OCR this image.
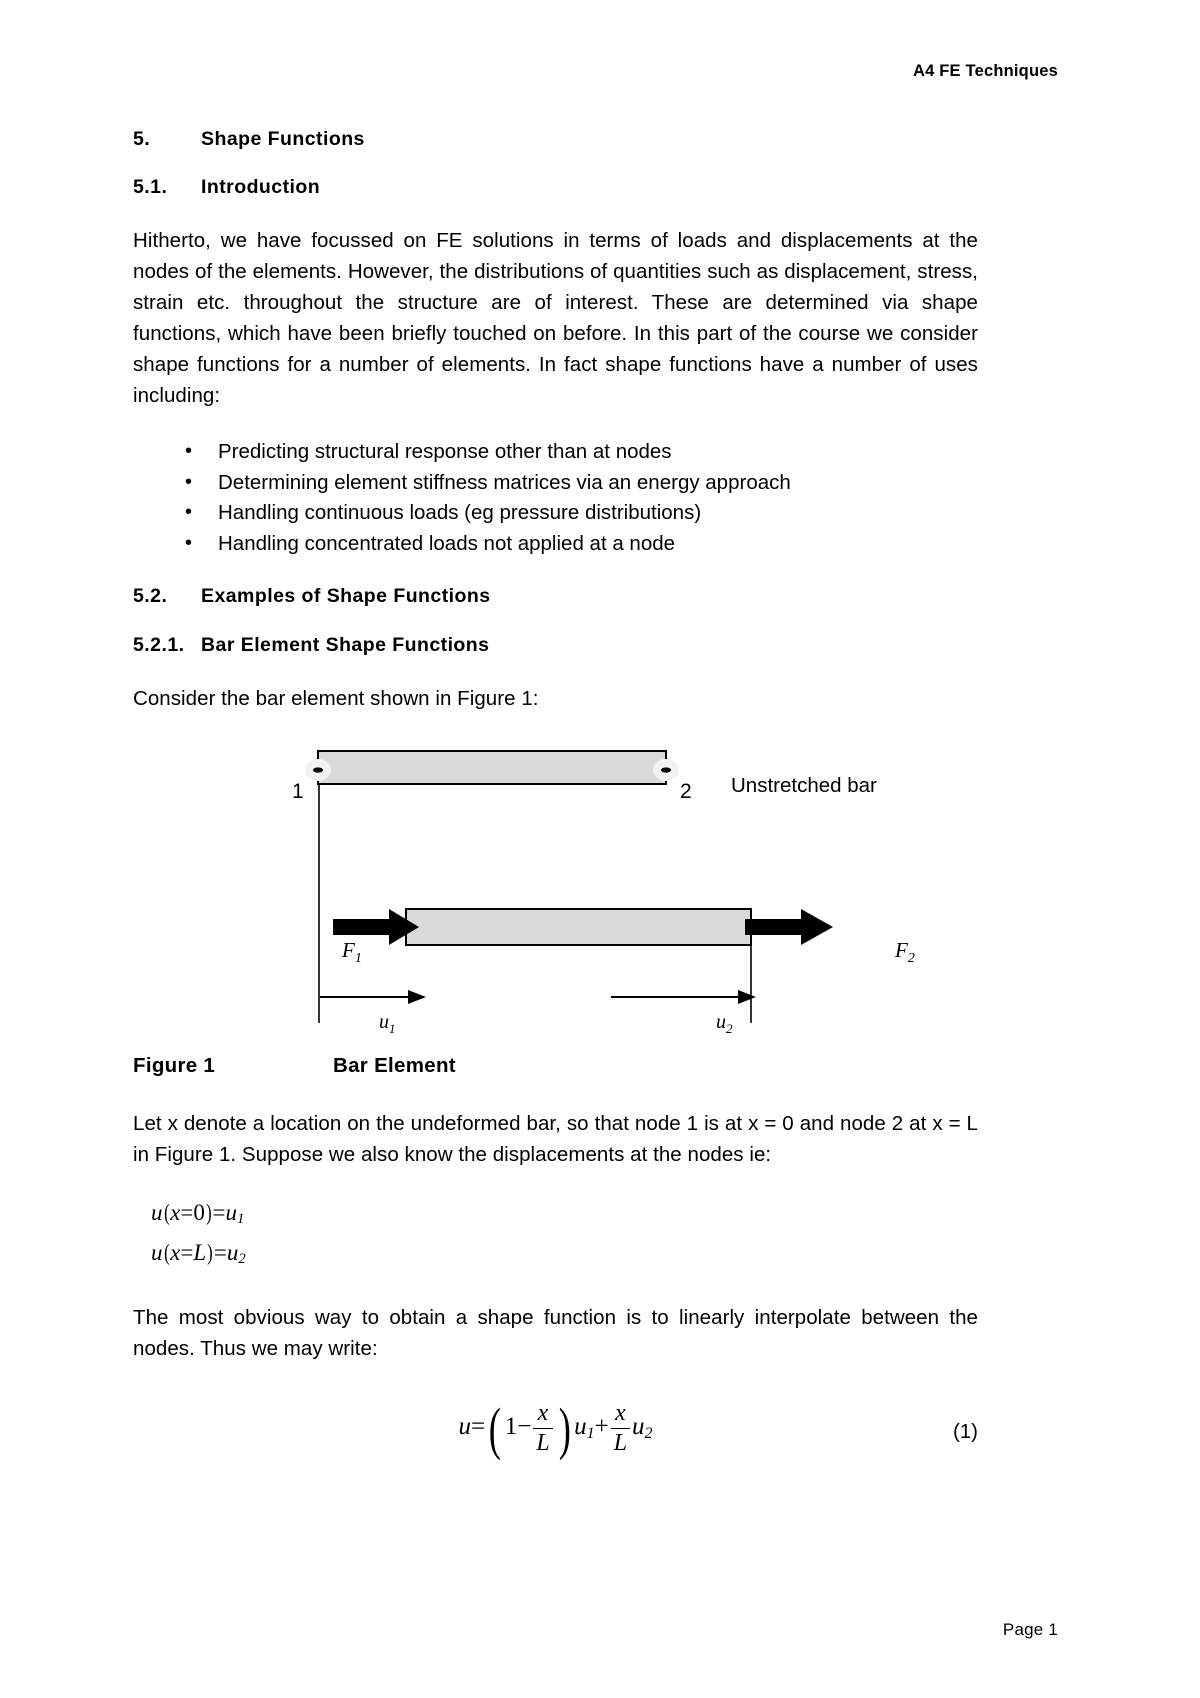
A4 FE Techniques
5.	Shape Functions
5.1.	Introduction

Hitherto, we have focussed on FE solutions in terms of loads and displacements at the nodes of the elements. However, the distributions of quantities such as displacement, stress, strain etc. throughout the structure are of interest. These are determined via shape functions, which have been briefly touched on before. In this part of the course we consider shape functions for a number of elements. In fact shape functions have a number of uses including:

• Predicting structural response other than at nodes
• Determining element stiffness matrices via an energy approach
• Handling continuous loads (eg pressure distributions)
• Handling concentrated loads not applied at a node
5.2.	Examples of Shape Functions
5.2.1. Bar Element Shape Functions

Consider the bar element shown in Figure 1:

1	2
$F_1$	$F_2$
$u_1$	$u_2$
Unstretched bar
Figure 1	Bar Element

Let x denote a location on the undeformed bar, so that node 1 is at x = 0 and node 2 at x = L in Figure 1. Suppose we also know the displacements at the nodes ie:

$u(x=0)=u_1$
$u(x=L)=u_2$

The most obvious way to obtain a shape function is to linearly interpolate between the nodes. Thus we may write:

u=( $1- \frac{x}{L}$ ) $u_1+ \frac{x}{L} u_2$	(1)
Page 1
